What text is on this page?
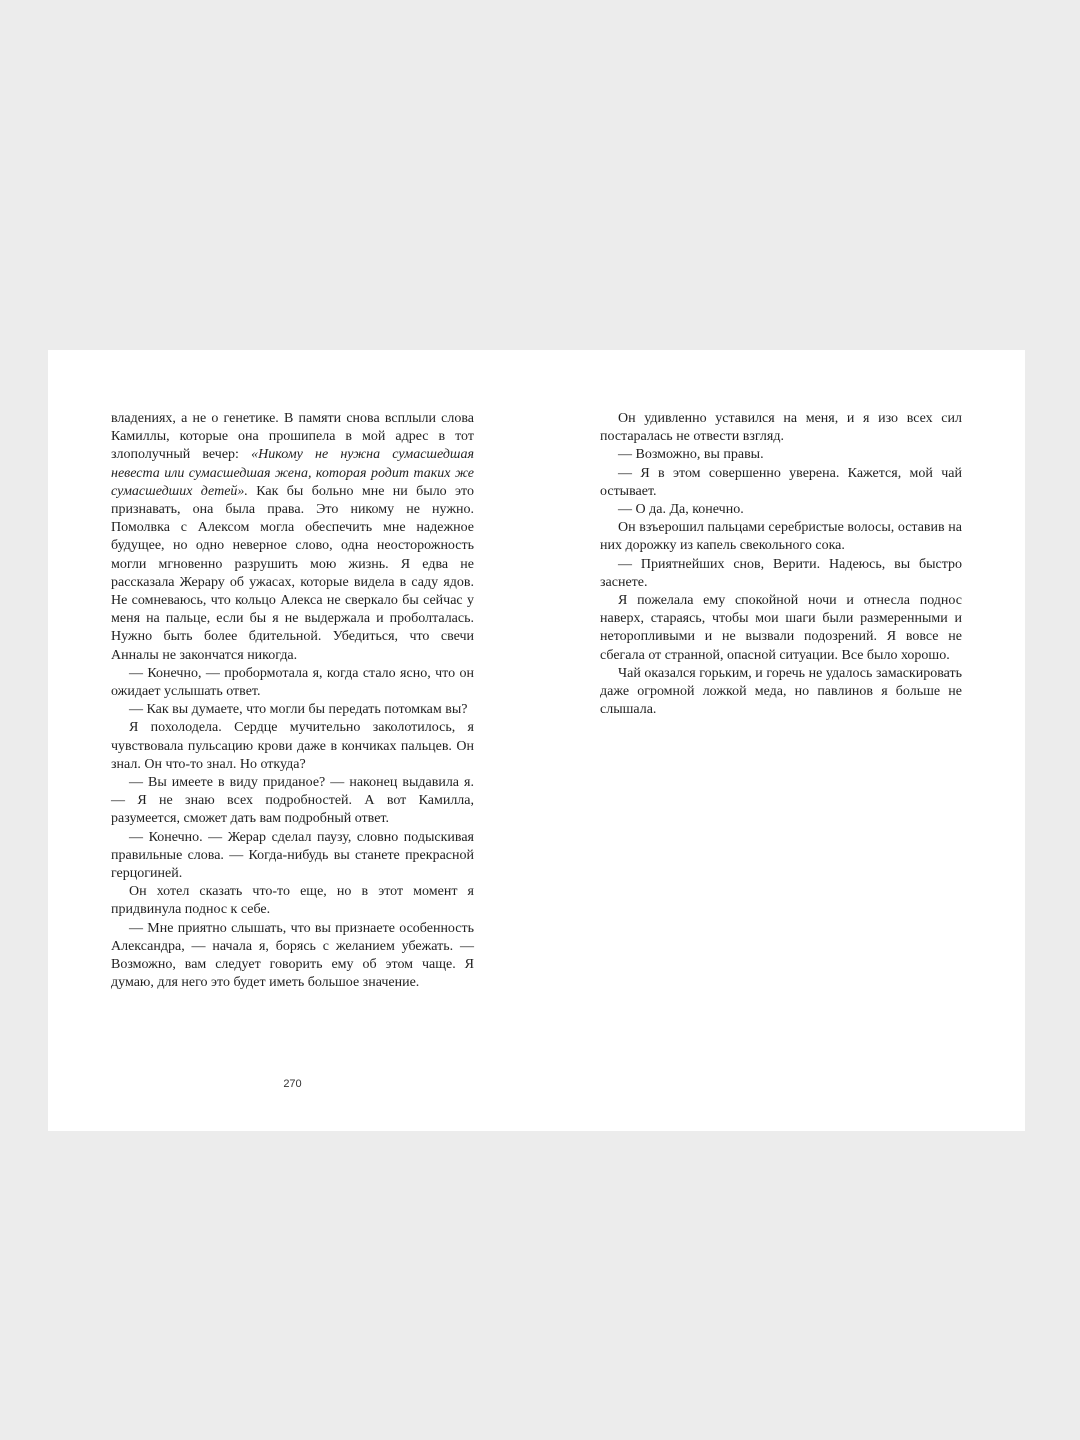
владениях, а не о генетике. В памяти снова всплыли слова Камиллы, которые она прошипела в мой адрес в тот злополучный вечер: «Никому не нужна сумасшедшая невеста или сумасшедшая жена, которая родит таких же сумасшедших детей». Как бы больно мне ни было это признавать, она была права. Это никому не нужно. Помолвка с Алексом могла обеспечить мне надежное будущее, но одно неверное слово, одна неосторожность могли мгновенно разрушить мою жизнь. Я едва не рассказала Жерару об ужасах, которые видела в саду ядов. Не сомневаюсь, что кольцо Алекса не сверкало бы сейчас у меня на пальце, если бы я не выдержала и проболталась. Нужно быть более бдительной. Убедиться, что свечи Анналы не закончатся никогда.

— Конечно, — пробормотала я, когда стало ясно, что он ожидает услышать ответ.

— Как вы думаете, что могли бы передать потомкам вы?

Я похолодела. Сердце мучительно заколотилось, я чувствовала пульсацию крови даже в кончиках пальцев. Он знал. Он что-то знал. Но откуда?

— Вы имеете в виду приданое? — наконец выдавила я. — Я не знаю всех подробностей. А вот Камилла, разумеется, сможет дать вам подробный ответ.

— Конечно. — Жерар сделал паузу, словно подыскивая правильные слова. — Когда-нибудь вы станете прекрасной герцогиней.

Он хотел сказать что-то еще, но в этот момент я придвинула поднос к себе.

— Мне приятно слышать, что вы признаете особенность Александра, — начала я, борясь с желанием убежать. — Возможно, вам следует говорить ему об этом чаще. Я думаю, для него это будет иметь большое значение.

270

Он удивленно уставился на меня, и я изо всех сил постаралась не отвести взгляд.

— Возможно, вы правы.

— Я в этом совершенно уверена. Кажется, мой чай остывает.

— О да. Да, конечно.

Он взъерошил пальцами серебристые волосы, оставив на них дорожку из капель свекольного сока.

— Приятнейших снов, Верити. Надеюсь, вы быстро заснете.

Я пожелала ему спокойной ночи и отнесла поднос наверх, стараясь, чтобы мои шаги были размеренными и неторопливыми и не вызвали подозрений. Я вовсе не сбегала от странной, опасной ситуации. Все было хорошо.

Чай оказался горьким, и горечь не удалось замаскировать даже огромной ложкой меда, но павлинов я больше не слышала.
